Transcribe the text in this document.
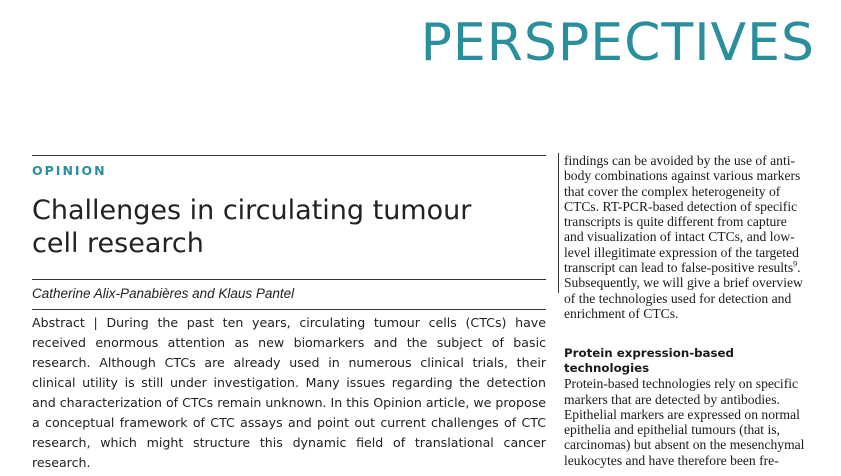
PERSPECTIVES
OPINION
Challenges in circulating tumour cell research
Catherine Alix-Panabières and Klaus Pantel

Abstract | During the past ten years, circulating tumour cells (CTCs) have received enormous attention as new biomarkers and the subject of basic research. Although CTCs are already used in numerous clinical trials, their clinical utility is still under investigation. Many issues regarding the detection and characterization of CTCs remain unknown. In this Opinion article, we propose a conceptual framework of CTC assays and point out current challenges of CTC research, which might structure this dynamic field of translational cancer research.

findings can be avoided by the use of anti-body combinations against various markers that cover the complex heterogeneity of CTCs. RT-PCR-based detection of specific transcripts is quite different from capture and visualization of intact CTCs, and low-level illegitimate expression of the targeted transcript can lead to false-positive results$^9$. Subsequently, we will give a brief overview of the technologies used for detection and enrichment of CTCs.

Protein expression-based technologies

Protein-based technologies rely on specific markers that are detected by antibodies. Epithelial markers are expressed on normal epithelia and epithelial tumours (that is, carcinomas) but absent on the mesenchymal leukocytes and have therefore been fre-
